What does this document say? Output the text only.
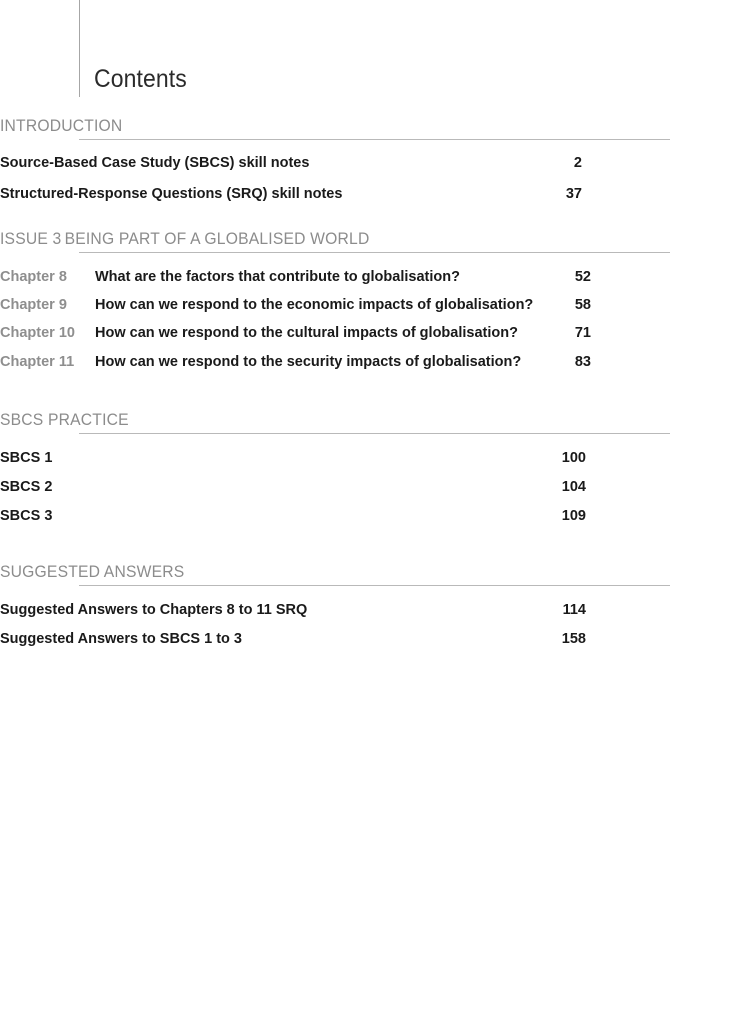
Contents
INTRODUCTION
Source-Based Case Study (SBCS) skill notes	2
Structured-Response Questions (SRQ) skill notes	37
ISSUE 3 BEING PART OF A GLOBALISED WORLD
Chapter 8 What are the factors that contribute to globalisation?	52
Chapter 9 How can we respond to the economic impacts of globalisation?	58
Chapter 10 How can we respond to the cultural impacts of globalisation?	71
Chapter 11 How can we respond to the security impacts of globalisation?	83
SBCS PRACTICE
SBCS 1	100
SBCS 2	104
SBCS 3	109
SUGGESTED ANSWERS
Suggested Answers to Chapters 8 to 11 SRQ	114
Suggested Answers to SBCS 1 to 3	158
